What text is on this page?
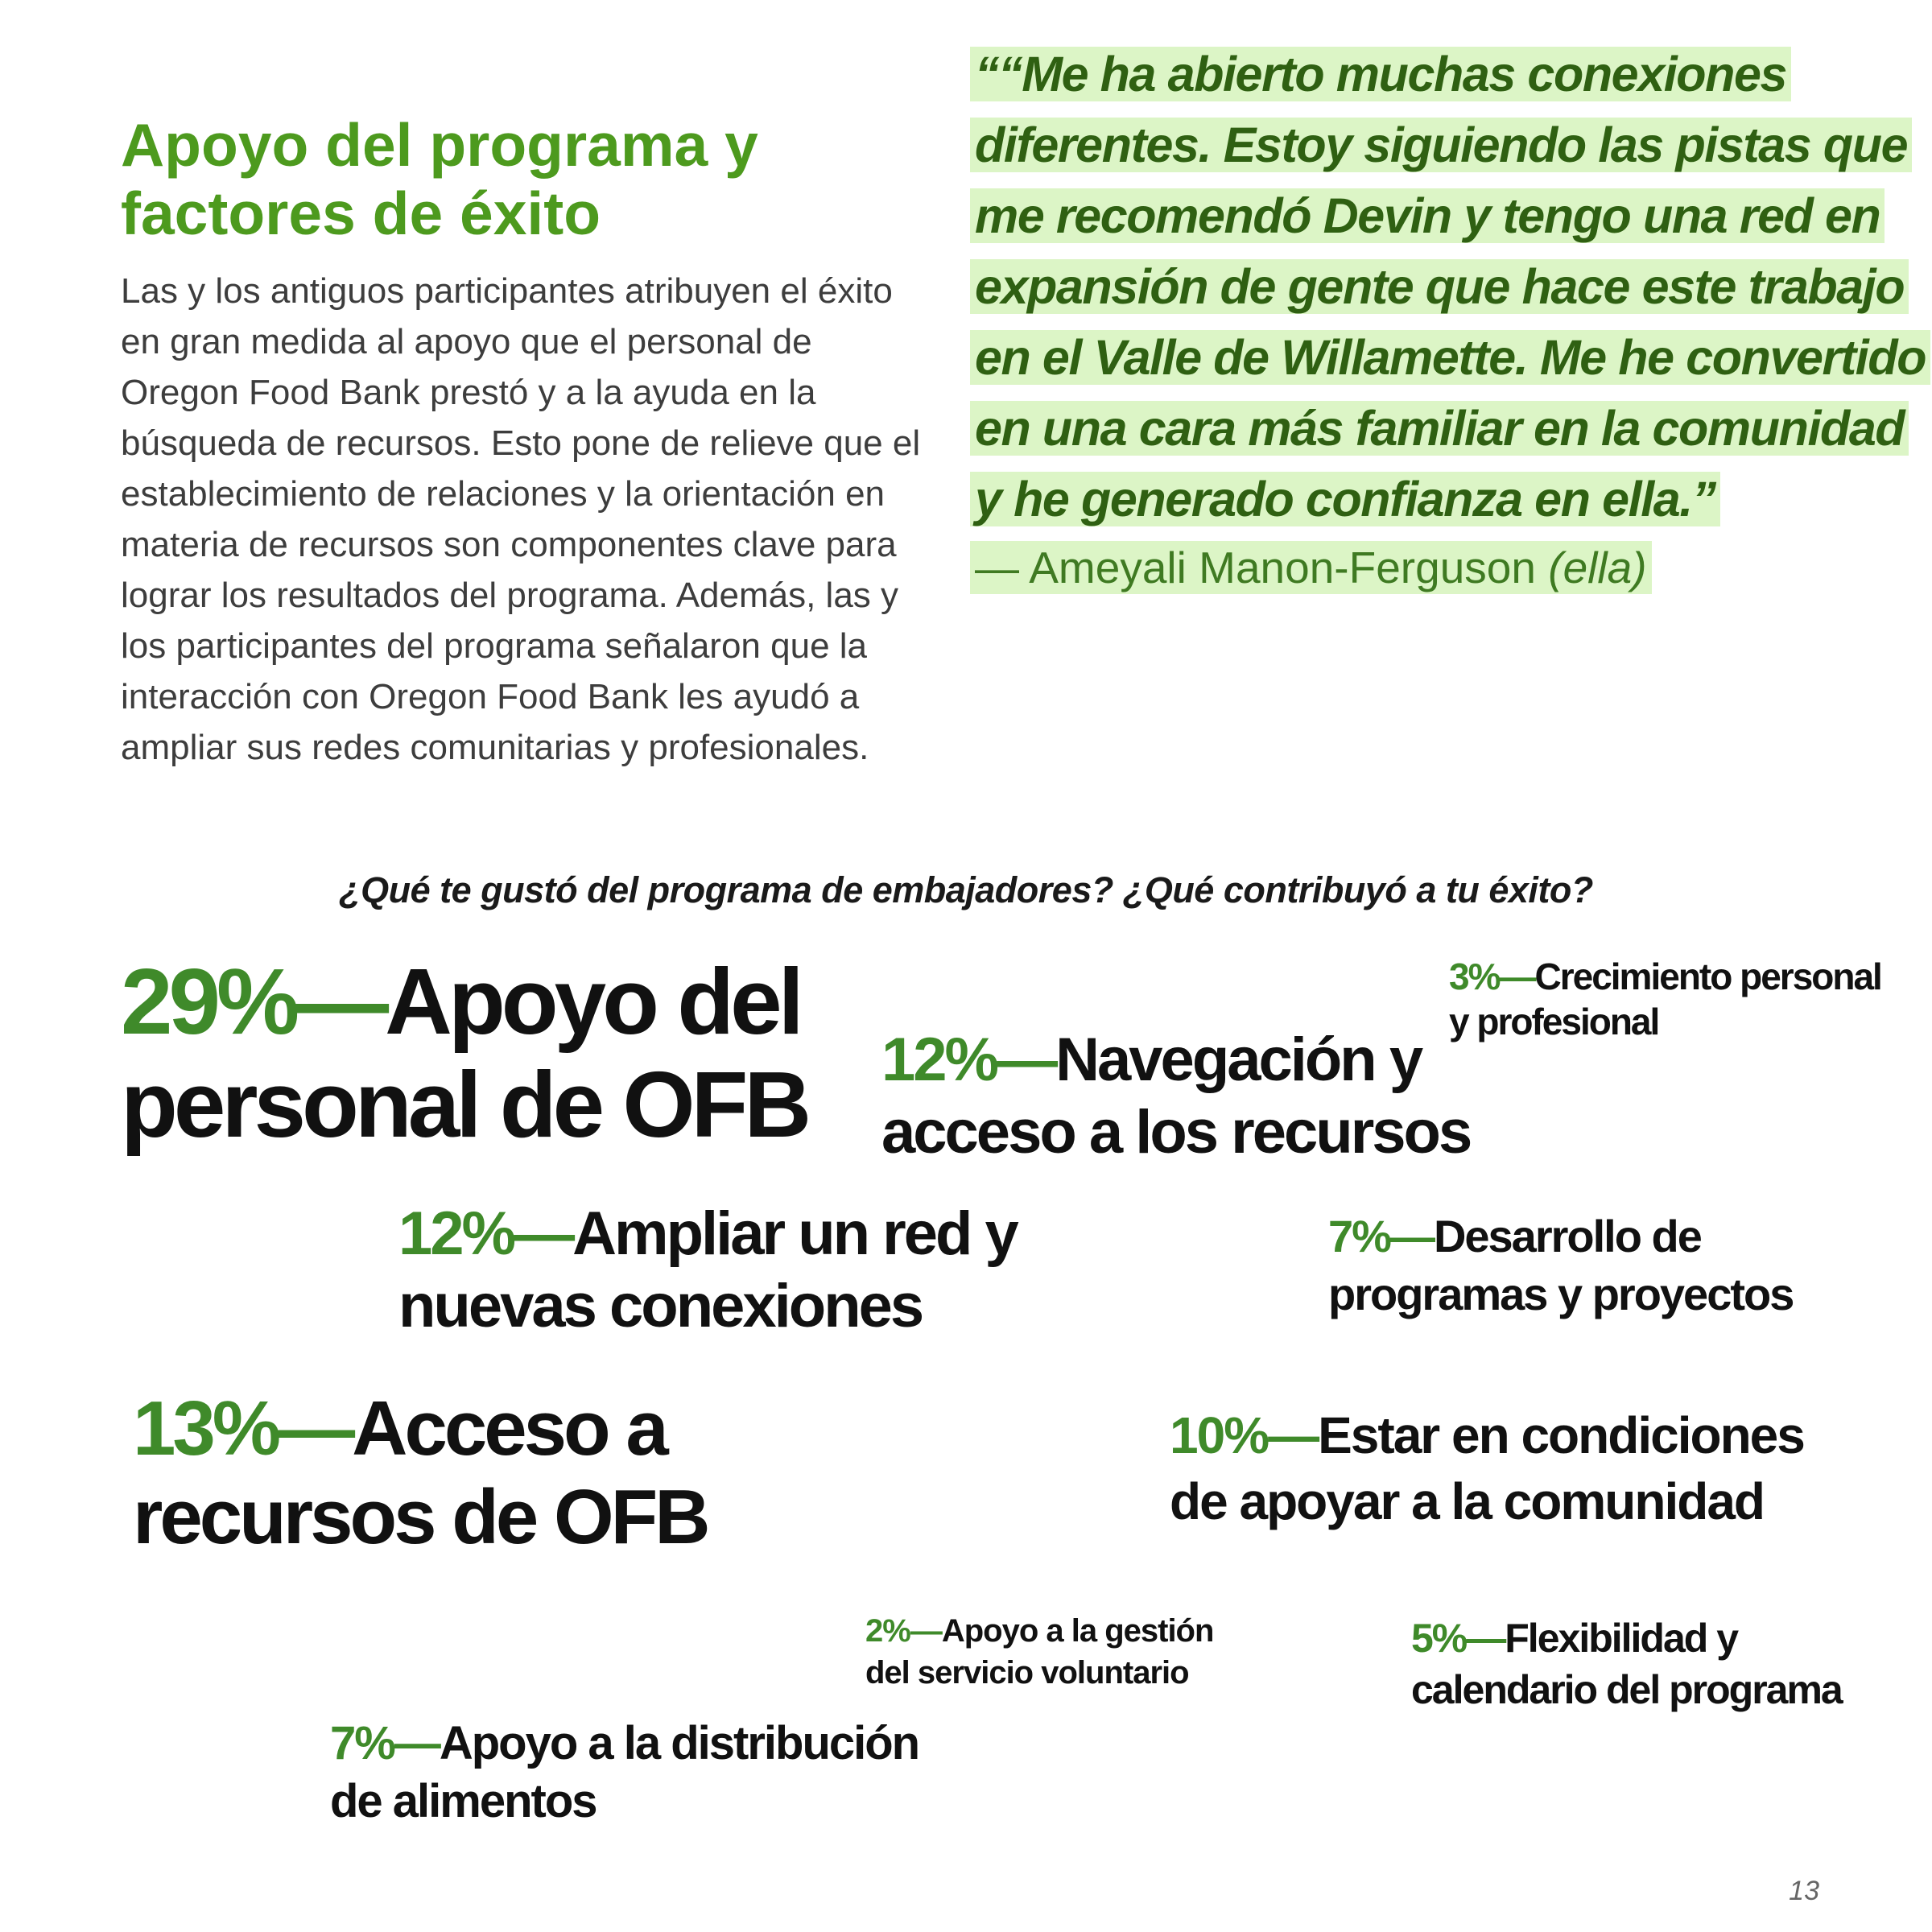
Apoyo del programa y
factores de éxito

Las y los antiguos participantes atribuyen el éxito en gran medida al apoyo que el personal de Oregon Food Bank prestó y a la ayuda en la búsqueda de recursos. Esto pone de relieve que el establecimiento de relaciones y la orientación en materia de recursos son componentes clave para lograr los resultados del programa. Además, las y los participantes del programa señalaron que la interacción con Oregon Food Bank les ayudó a ampliar sus redes comunitarias y profesionales.

““Me ha abierto muchas conexiones diferentes. Estoy siguiendo las pistas que me recomendó Devin y tengo una red en expansión de gente que hace este trabajo en el Valle de Willamette. Me he convertido en una cara más familiar en la comunidad y he generado confianza en ella.”

— Ameyali Manon-Ferguson (ella)

¿Qué te gustó del programa de embajadores? ¿Qué contribuyó a tu éxito?

29%—Apoyo del
personal de OFB 12%—Navegación y
acceso a los recursos
3%—Crecimiento personal
y profesional
12%—Ampliar un red y
nuevas conexiones
7%—Desarrollo de
programas y proyectos
13%—Acceso a
recursos de OFB
10%—Estar en condiciones
de apoyar a la comunidad
2%—Apoyo a la gestión
del servicio voluntario
5%—Flexibilidad y
calendario del programa
7%—Apoyo a la distribución
de alimentos

13
